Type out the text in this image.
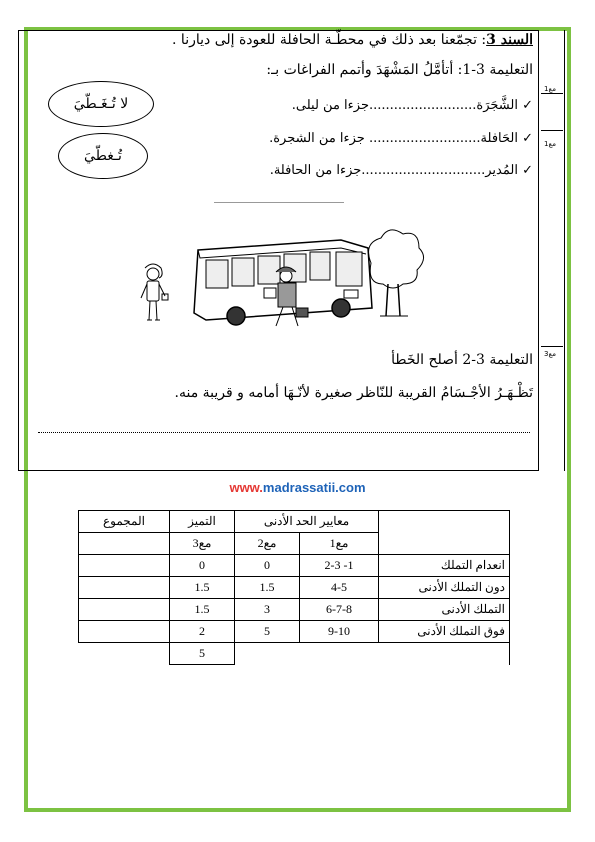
السند 3: تجمّعنا بعد ذلك في محطّـة الحافلة للعودة إلى ديارنا .
التعليمة 3-1: أتأمَّلُ المَشْهَدَ وأتمم الفراغات بـ:
مع1
مع1
مع3
لا تُـغَـطّيَ
تُـغطّيَ
✓ الشَّجَرَة..........................جزءا من ليلى.
✓ الحَافلة........................... جزءا من الشجرة.
✓ المُدير..............................جزءا من الحافلة.
التعليمة 3-2 أصلح الخَطأ
تَظْـهَـرُ الأجْـسَامُ القريبة للنّاظر صغيرة لأنّـهَا أمامه و قريبة منه.
www.madrassatii.com
	معايير الحد الأدنى		التميز	المجموع
	مع1	مع2	مع3	
انعدام التملك	1- 2-3	0	0	
دون التملك الأدنى	4-5	1.5	1.5	
التملك الأدنى	6-7-8	3	1.5	
فوق التملك الأدنى	9-10	5	2	
			5	
